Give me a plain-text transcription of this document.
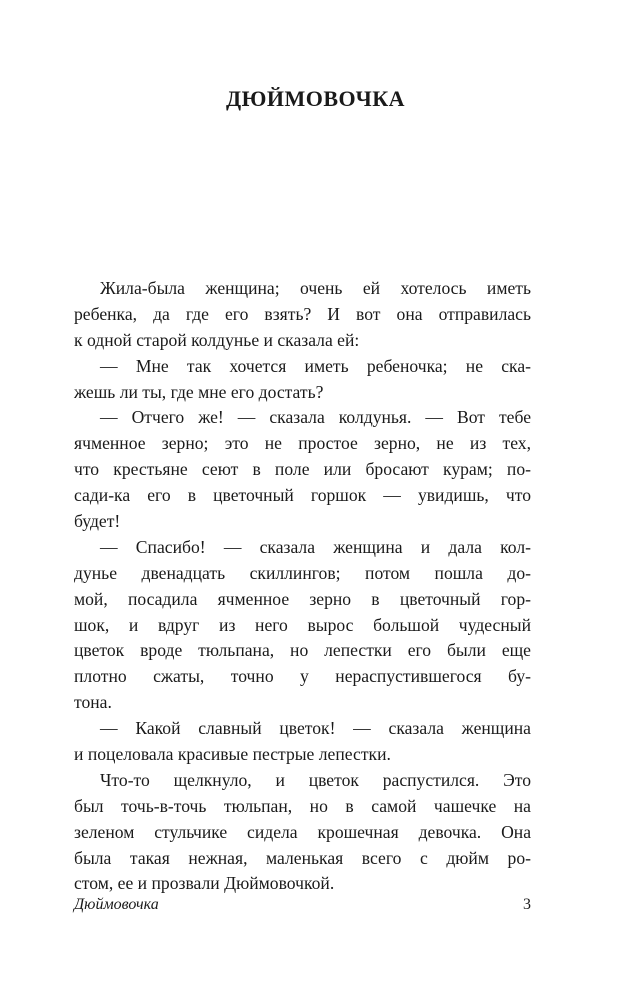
ДЮЙМОВОЧКА
Жила-была женщина; очень ей хотелось иметь
ребенка, да где его взять? И вот она отправилась
к одной старой колдунье и сказала ей:
— Мне так хочется иметь ребеночка; не ска-
жешь ли ты, где мне его достать?
— Отчего же! — сказала колдунья. — Вот тебе
ячменное зерно; это не простое зерно, не из тех,
что крестьяне сеют в поле или бросают курам; по-
сади-ка его в цветочный горшок — увидишь, что
будет!
— Спасибо! — сказала женщина и дала кол-
дунье двенадцать скиллингов; потом пошла до-
мой, посадила ячменное зерно в цветочный гор-
шок, и вдруг из него вырос большой чудесный
цветок вроде тюльпана, но лепестки его были еще
плотно сжаты, точно у нераспустившегося бу-
тона.
— Какой славный цветок! — сказала женщина
и поцеловала красивые пестрые лепестки.
Что-то щелкнуло, и цветок распустился. Это
был точь-в-точь тюльпан, но в самой чашечке на
зеленом стульчике сидела крошечная девочка. Она
была такая нежная, маленькая всего с дюйм ро-
стом, ее и прозвали Дюймовочкой.
Дюймовочка	3
